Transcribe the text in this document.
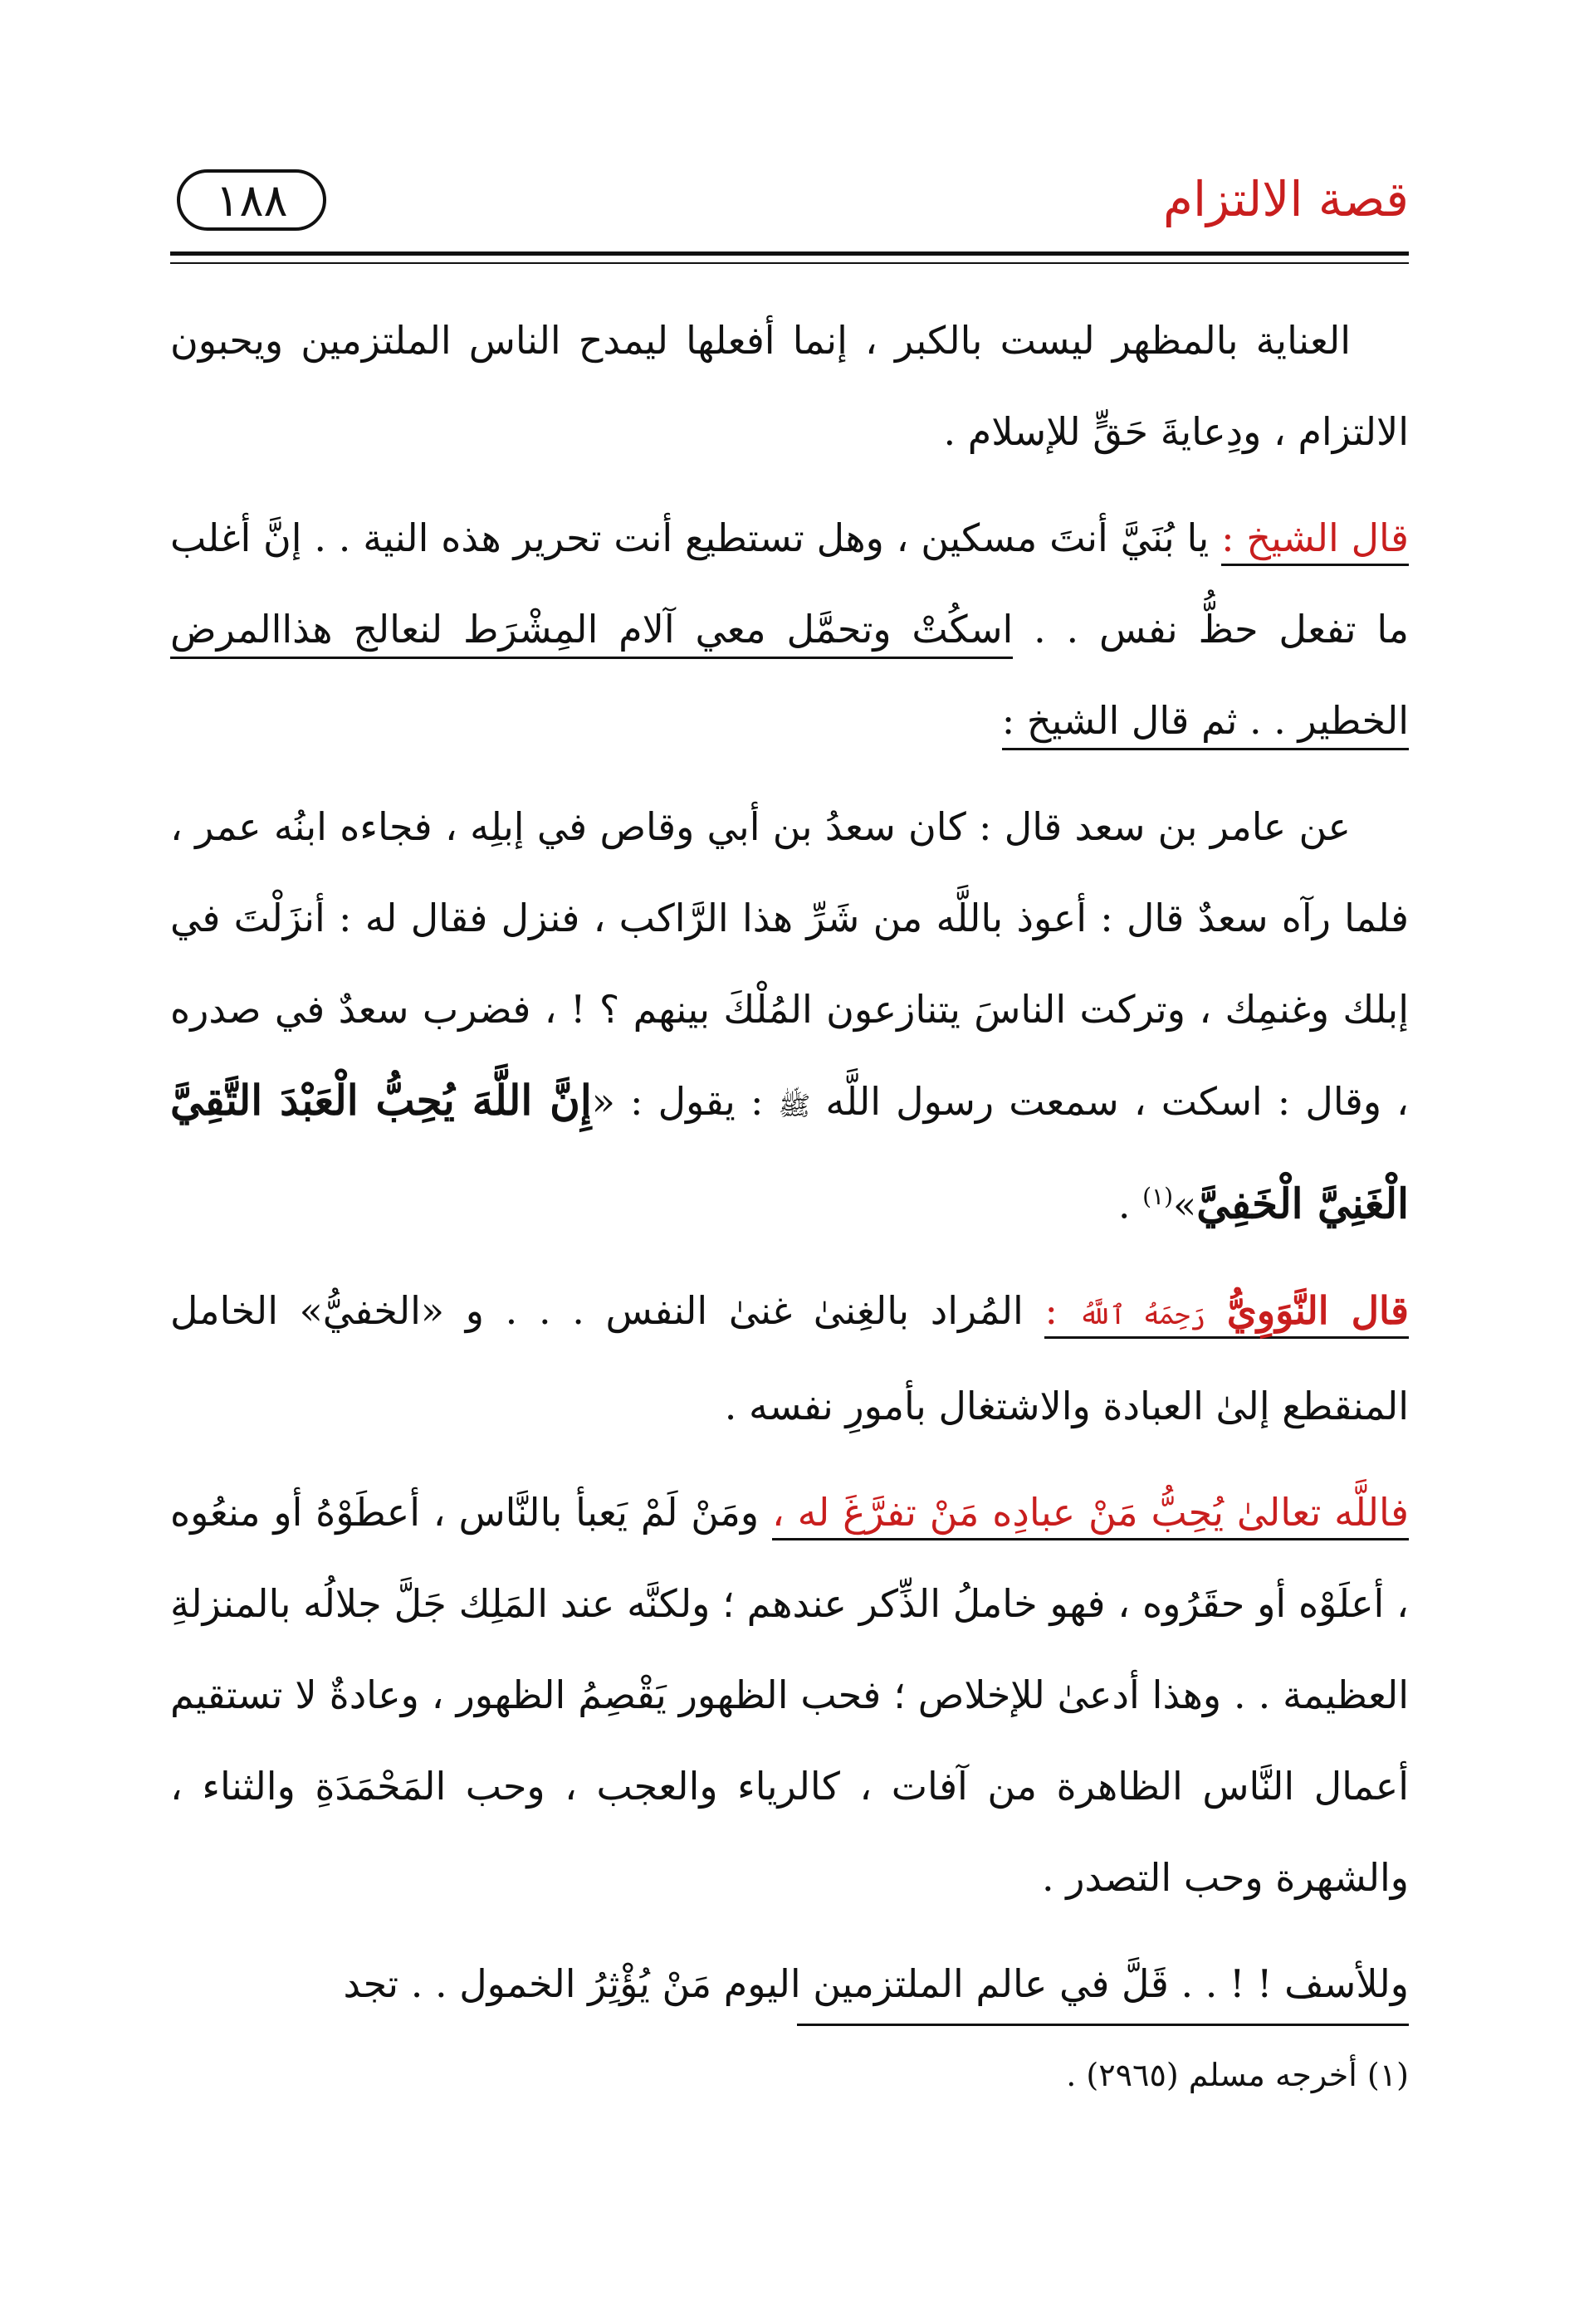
قصة الالتزام
١٨٨

العناية بالمظهر ليست بالكبر ، إنما أفعلها ليمدح الناس الملتزمين ويحبون الالتزام ، ودِعايةَ حَقٍّ للإسلام .

قال الشيخ : يا بُنَيَّ أنتَ مسكين ، وهل تستطيع أنت تحرير هذه النية . . إنَّ أغلب ما تفعل حظُّ نفس . . اسكُتْ وتحمَّل معي آلام المِشْرَط لنعالج هذاالمرض الخطير . . ثم قال الشيخ :

عن عامر بن سعد قال : كان سعدُ بن أبي وقاص في إبلِه ، فجاءه ابنُه عمر ، فلما رآه سعدٌ قال : أعوذ باللَّه من شَرِّ هذا الرَّاكب ، فنزل فقال له : أنزَلْتَ في إبلك وغنمِك ، وتركت الناسَ يتنازعون المُلْكَ بينهم ؟ ! ، فضرب سعدٌ في صدره ، وقال : اسكت ، سمعت رسول اللَّه ﷺ : يقول : «إِنَّ اللَّهَ يُحِبُّ الْعَبْدَ التَّقِيَّ الْغَنِيَّ الْخَفِيَّ»$^{(١)}$ .

قال النَّوَوِيُّ رَحِمَهُ ٱللَّهُ : المُراد بالغِنىٰ غنىٰ النفس . . . و «الخفيُّ» الخامل المنقطع إلىٰ العبادة والاشتغال بأمورِ نفسه .

فاللَّه تعالىٰ يُحِبُّ مَنْ عبادِه مَنْ تفرَّغَ له ، ومَنْ لَمْ يَعبأ بالنَّاس ، أعطَوْهُ أو منعُوه ، أعلَوْه أو حقَرُوه ، فهو خاملُ الذِّكر عندهم ؛ ولكنَّه عند المَلِك جَلَّ جلالُه بالمنزلةِ العظيمة . . وهذا أدعىٰ للإخلاص ؛ فحب الظهور يَقْصِمُ الظهور ، وعادةٌ لا تستقيم أعمال النَّاس الظاهرة من آفات ، كالرياء والعجب ، وحب المَحْمَدَةِ والثناء ، والشهرة وحب التصدر .

وللأسف ! ! . . قَلَّ في عالم الملتزمين اليوم مَنْ يُؤْثِرُ الخمول . . تجد

(١) أخرجه مسلم (٢٩٦٥) .
